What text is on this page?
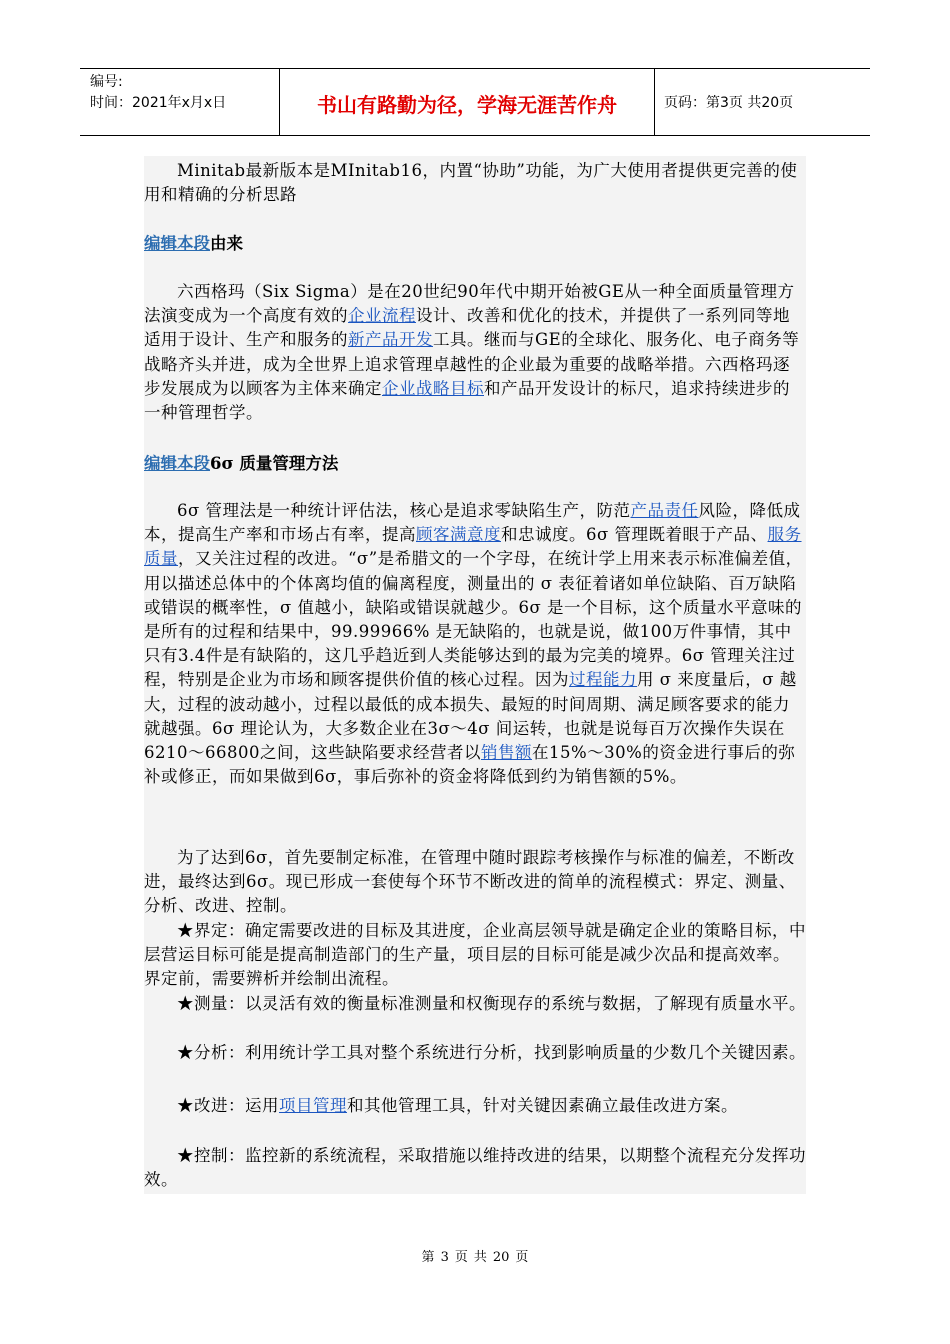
编号:
时间：2021年x月x日	书山有路勤为径，学海无涯苦作舟	页码：第3页 共20页

Minitab最新版本是MInitab16，内置“协助”功能，为广大使用者提供更完善的使用和精确的分析思路

编辑本段由来

六西格玛（Six Sigma）是在20世纪90年代中期开始被GE从一种全面质量管理方法演变成为一个高度有效的企业流程设计、改善和优化的技术，并提供了一系列同等地适用于设计、生产和服务的新产品开发工具。继而与GE的全球化、服务化、电子商务等战略齐头并进，成为全世界上追求管理卓越性的企业最为重要的战略举措。六西格玛逐步发展成为以顾客为主体来确定企业战略目标和产品开发设计的标尺，追求持续进步的一种管理哲学。

编辑本段6σ 质量管理方法

6σ 管理法是一种统计评估法，核心是追求零缺陷生产，防范产品责任风险，降低成本，提高生产率和市场占有率，提高顾客满意度和忠诚度。6σ 管理既着眼于产品、服务质量，又关注过程的改进。“σ”是希腊文的一个字母，在统计学上用来表示标准偏差值，用以描述总体中的个体离均值的偏离程度，测量出的 σ 表征着诸如单位缺陷、百万缺陷或错误的概率性，σ 值越小，缺陷或错误就越少。6σ 是一个目标，这个质量水平意味的是所有的过程和结果中，99.99966% 是无缺陷的，也就是说，做100万件事情，其中只有3.4件是有缺陷的，这几乎趋近到人类能够达到的最为完美的境界。6σ 管理关注过程，特别是企业为市场和顾客提供价值的核心过程。因为过程能力用 σ 来度量后，σ 越大，过程的波动越小，过程以最低的成本损失、最短的时间周期、满足顾客要求的能力就越强。6σ 理论认为，大多数企业在3σ～4σ 间运转，也就是说每百万次操作失误在6210～66800之间，这些缺陷要求经营者以销售额在15%～30%的资金进行事后的弥补或修正，而如果做到6σ，事后弥补的资金将降低到约为销售额的5%。

为了达到6σ，首先要制定标准，在管理中随时跟踪考核操作与标准的偏差，不断改进，最终达到6σ。现已形成一套使每个环节不断改进的简单的流程模式：界定、测量、分析、改进、控制。

★界定：确定需要改进的目标及其进度，企业高层领导就是确定企业的策略目标，中层营运目标可能是提高制造部门的生产量，项目层的目标可能是减少次品和提高效率。 界定前，需要辨析并绘制出流程。

★测量：以灵活有效的衡量标准测量和权衡现存的系统与数据，了解现有质量水平。

★分析：利用统计学工具对整个系统进行分析，找到影响质量的少数几个关键因素。

★改进：运用项目管理和其他管理工具，针对关键因素确立最佳改进方案。

★控制：监控新的系统流程，采取措施以维持改进的结果，以期整个流程充分发挥功效。

第 3 页 共 20 页
